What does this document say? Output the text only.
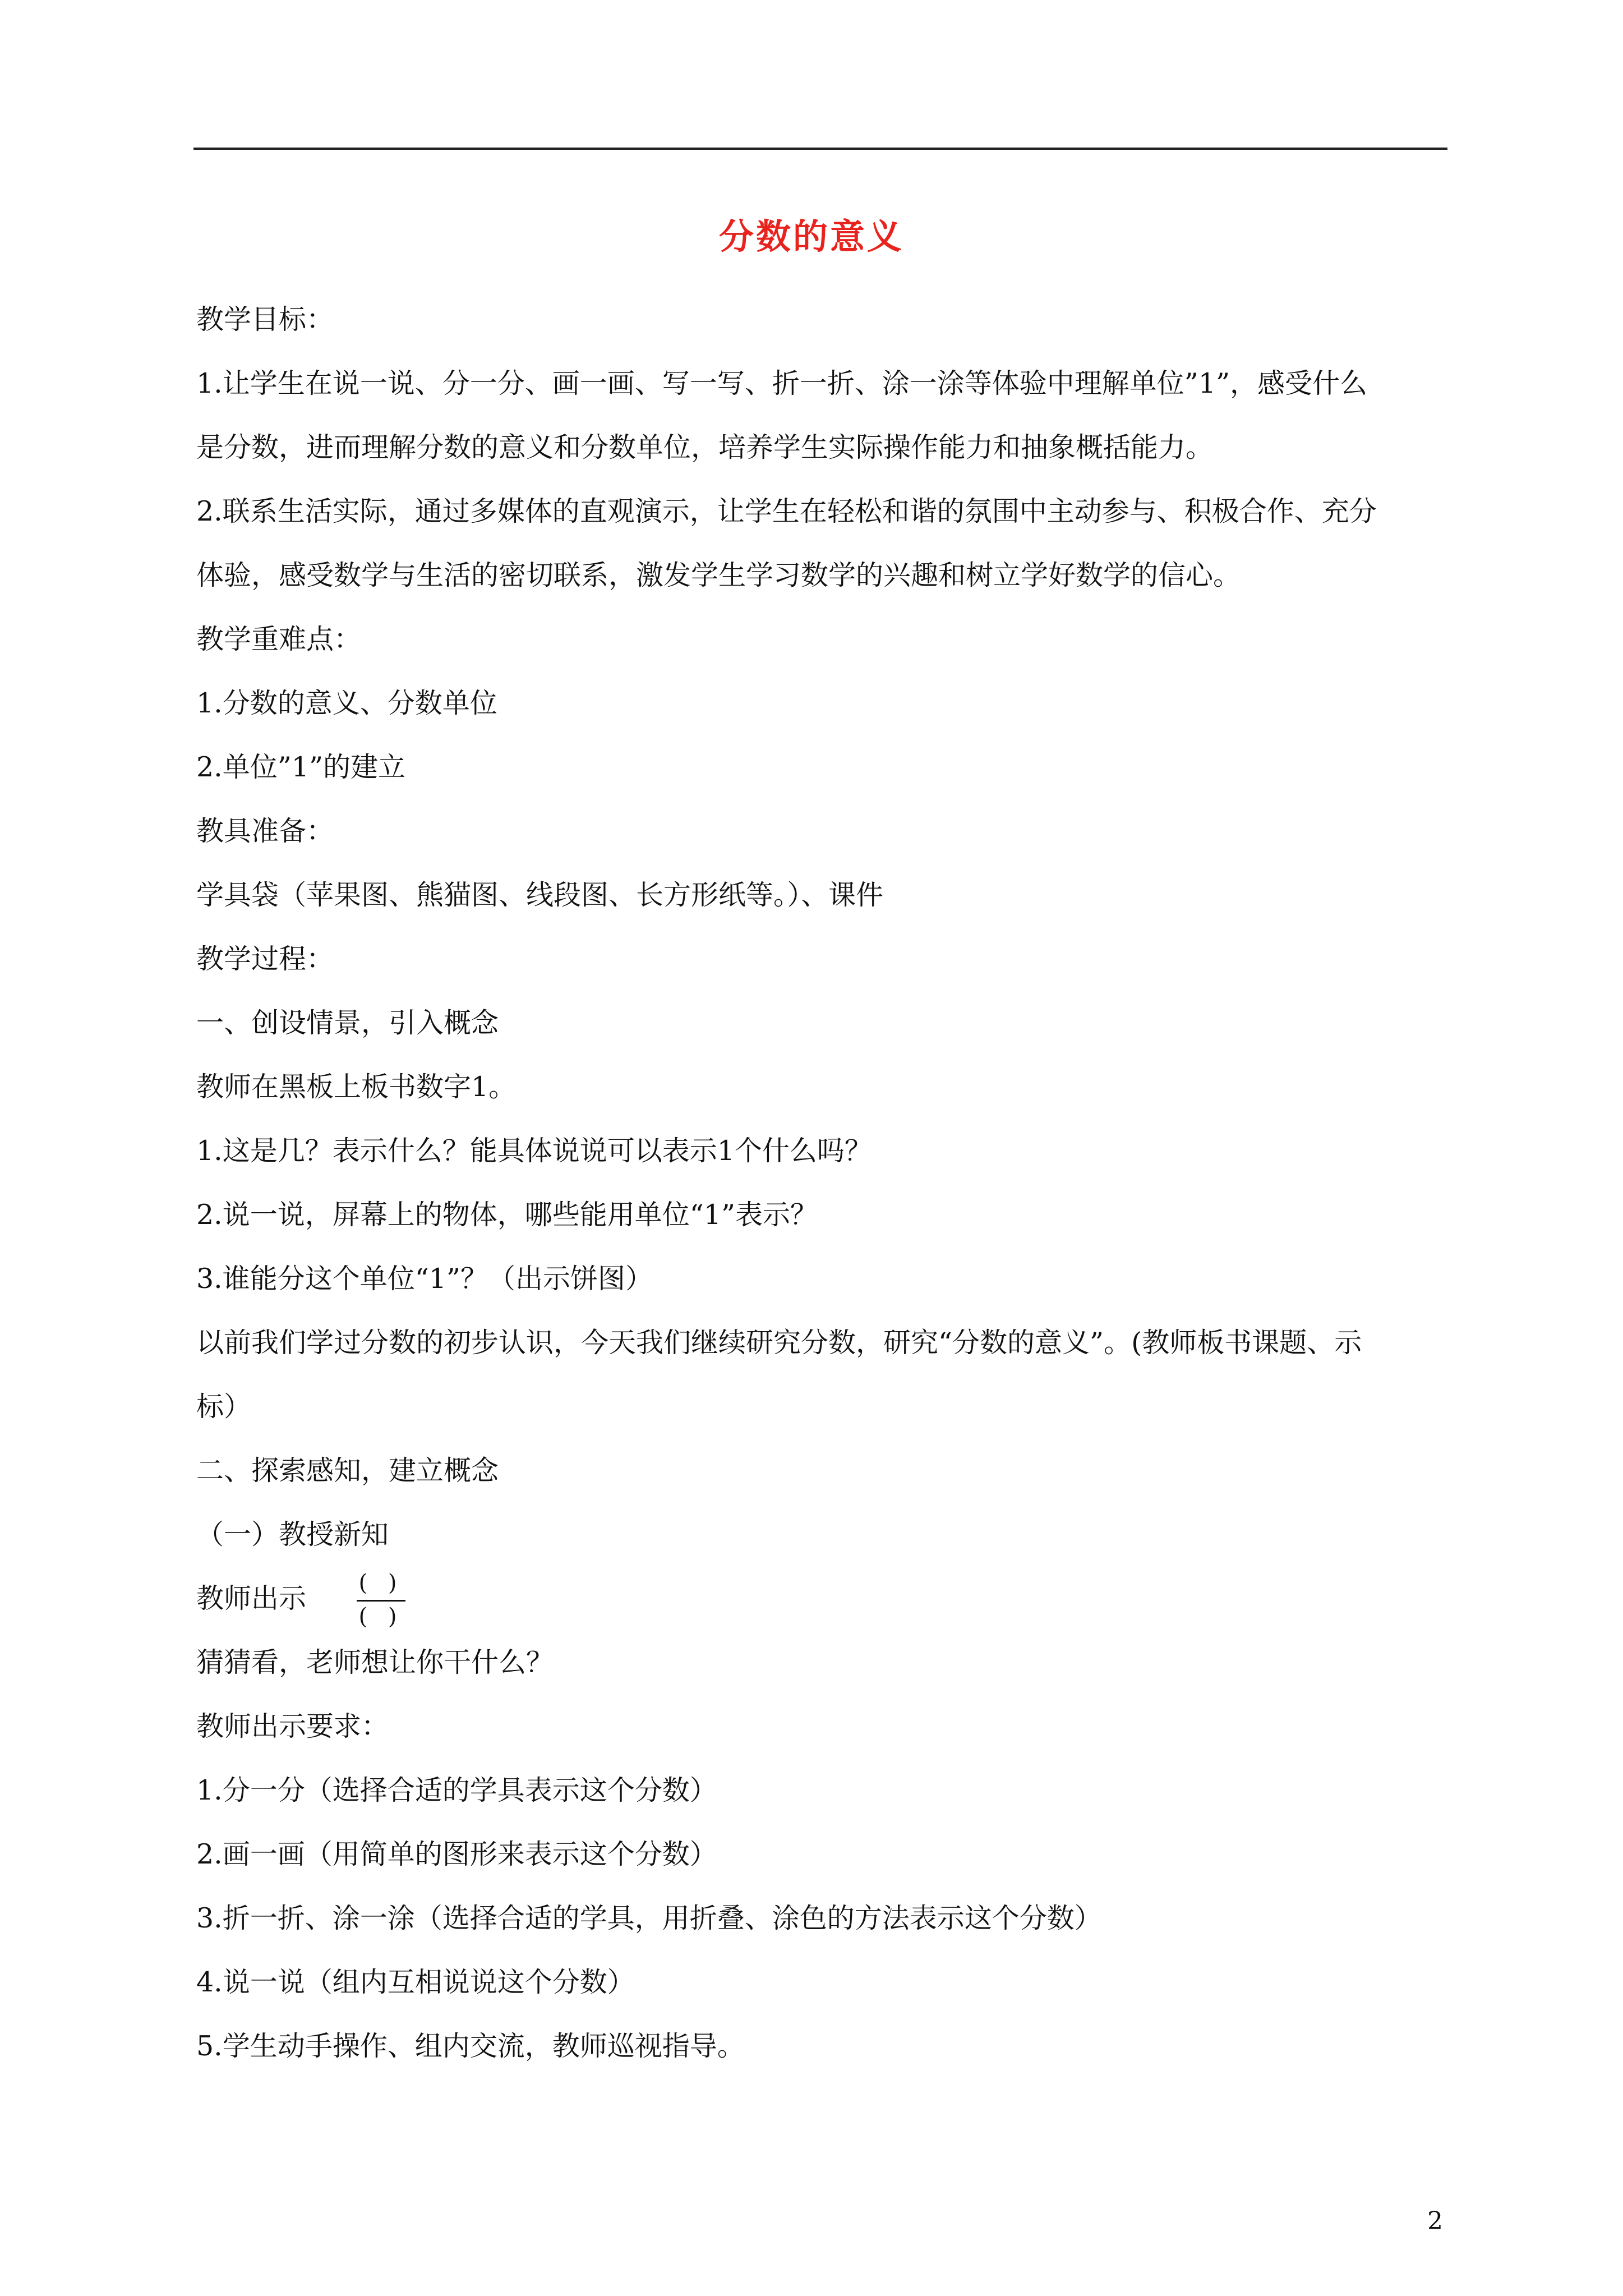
分数的意义
教学目标：
1.让学生在说一说、分一分、画一画、写一写、折一折、涂一涂等体验中理解单位”1”，感受什么
是分数，进而理解分数的意义和分数单位，培养学生实际操作能力和抽象概括能力。
2.联系生活实际，通过多媒体的直观演示，让学生在轻松和谐的氛围中主动参与、积极合作、充分
体验，感受数学与生活的密切联系，激发学生学习数学的兴趣和树立学好数学的信心。
教学重难点：
1.分数的意义、分数单位
2.单位”1”的建立
教具准备：
学具袋（苹果图、熊猫图、线段图、长方形纸等。）、课件
教学过程：
一、创设情景，引入概念
教师在黑板上板书数字1。
1.这是几？表示什么？能具体说说可以表示1个什么吗？
2.说一说，屏幕上的物体，哪些能用单位“1”表示？
3.谁能分这个单位“1”？（出示饼图）
以前我们学过分数的初步认识，今天我们继续研究分数，研究“分数的意义”。(教师板书课题、示
标）
二、探索感知，建立概念
（一）教授新知
教师出示 ( )
( )
猜猜看，老师想让你干什么？
教师出示要求：
1.分一分（选择合适的学具表示这个分数）
2.画一画（用简单的图形来表示这个分数）
3.折一折、涂一涂（选择合适的学具，用折叠、涂色的方法表示这个分数）
4.说一说（组内互相说说这个分数）
5.学生动手操作、组内交流，教师巡视指导。
2
